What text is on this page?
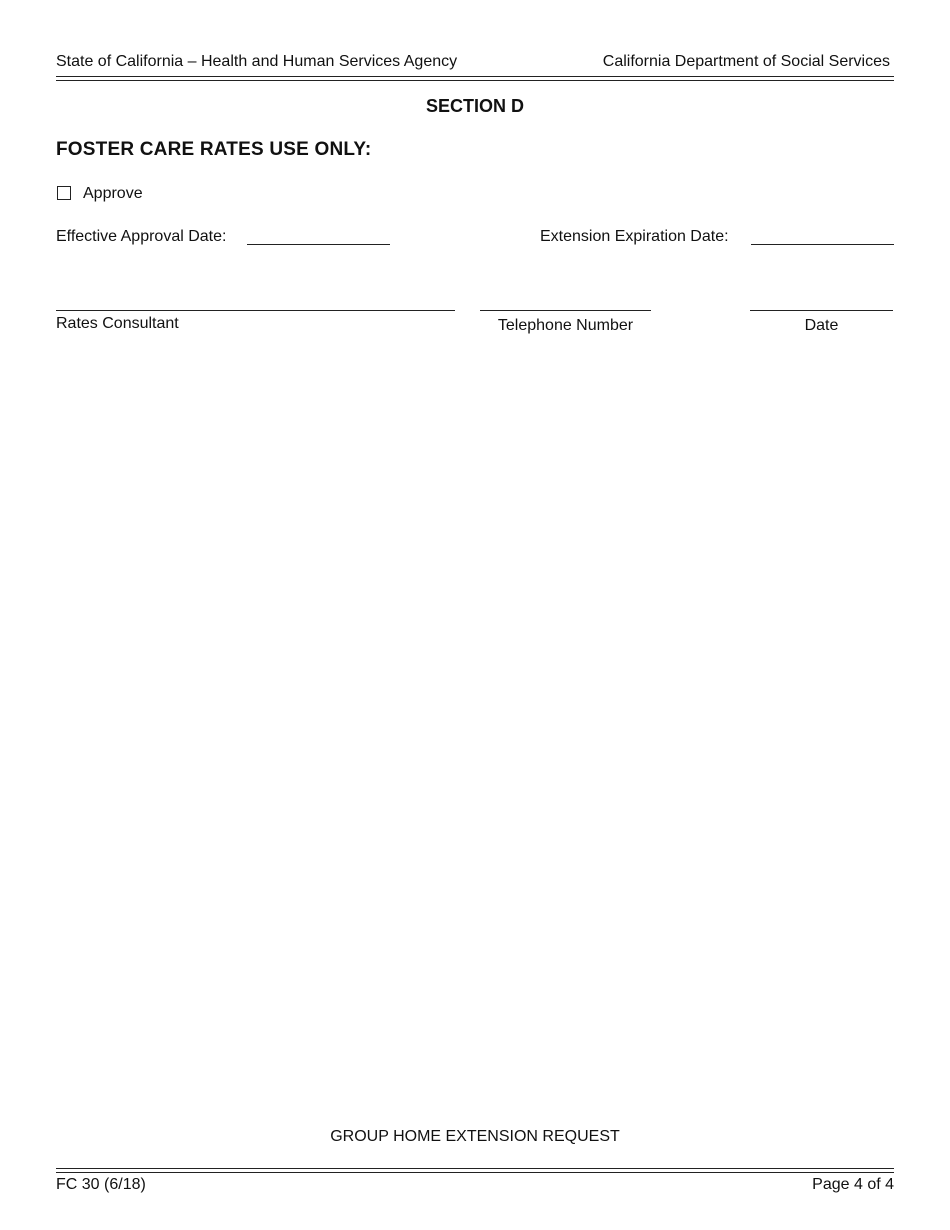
State of California – Health and Human Services Agency	California Department of Social Services
SECTION D
FOSTER CARE RATES USE ONLY:
Approve
Effective Approval Date:	Extension Expiration Date:
Rates Consultant	Telephone Number	Date
GROUP HOME EXTENSION REQUEST
FC 30 (6/18)	Page 4 of 4
